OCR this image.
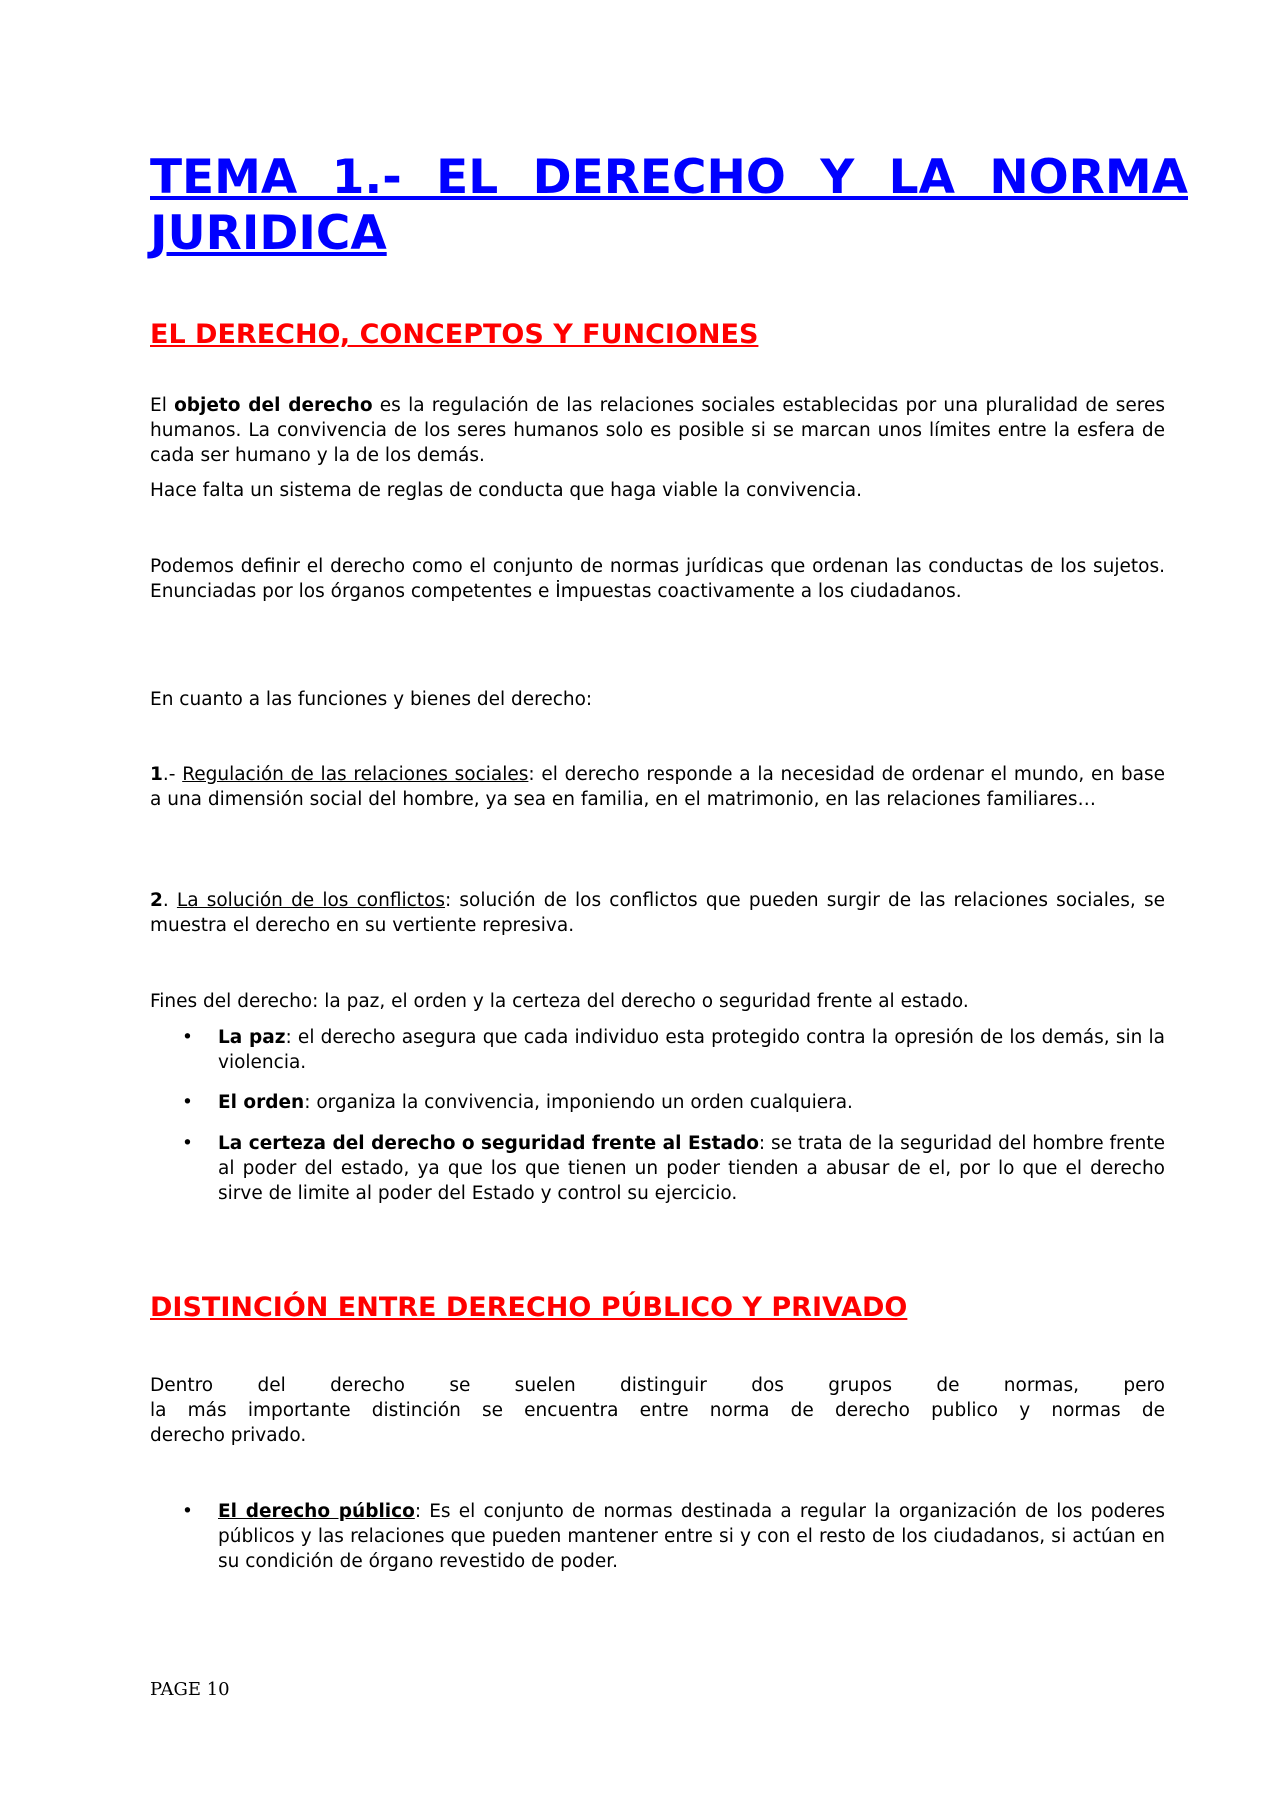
TEMA 1.- EL DERECHO Y LA NORMA JURIDICA
EL DERECHO, CONCEPTOS Y FUNCIONES

El objeto del derecho es la regulación de las relaciones sociales establecidas por una pluralidad de seres humanos. La convivencia de los seres humanos solo es posible si se marcan unos límites entre la esfera de cada ser humano y la de los demás.

Hace falta un sistema de reglas de conducta que haga viable la convivencia.

Podemos definir el derecho como el conjunto de normas jurídicas que ordenan las conductas de los sujetos. Enunciadas por los órganos competentes e İmpuestas coactivamente a los ciudadanos.

En cuanto a las funciones y bienes del derecho:

1.- Regulación de las relaciones sociales: el derecho responde a la necesidad de ordenar el mundo, en base a una dimensión social del hombre, ya sea en familia, en el matrimonio, en las relaciones familiares…

2. La solución de los conflictos: solución de los conflictos que pueden surgir de las relaciones sociales, se muestra el derecho en su vertiente represiva.

Fines del derecho: la paz, el orden y la certeza del derecho o seguridad frente al estado.

• La paz: el derecho asegura que cada individuo esta protegido contra la opresión de los demás, sin la violencia.

• El orden: organiza la convivencia, imponiendo un orden cualquiera.

• La certeza del derecho o seguridad frente al Estado: se trata de la seguridad del hombre frente al poder del estado, ya que los que tienen un poder tienden a abusar de el, por lo que el derecho sirve de limite al poder del Estado y control su ejercicio.

DISTINCIÓN ENTRE DERECHO PÚBLICO Y PRIVADO

Dentro del derecho se suelen distinguir dos grupos de normas, pero

la más importante distinción se encuentra entre norma de derecho publico y normas de

derecho privado.

• El derecho público: Es el conjunto de normas destinada a regular la organización de los poderes públicos y las relaciones que pueden mantener entre si y con el resto de los ciudadanos, si actúan en su condición de órgano revestido de poder.

PAGE 10
